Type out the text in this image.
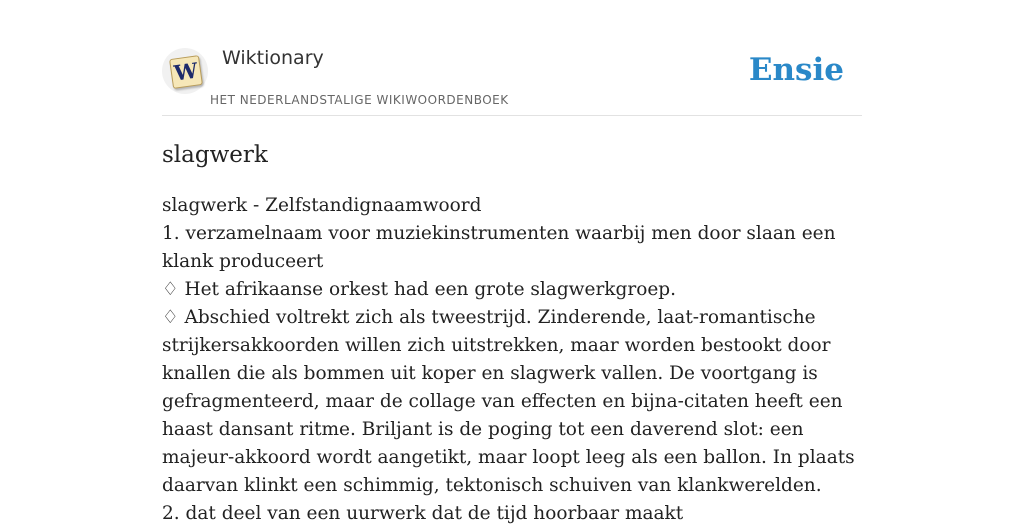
W Wiktionary
HET NEDERLANDSTALIGE WIKIWOORDENBOEK
Ensie
slagwerk
slagwerk - Zelfstandignaamwoord
1. verzamelnaam voor muziekinstrumenten waarbij men door slaan een klank produceert
♢ Het afrikaanse orkest had een grote slagwerkgroep.
♢ Abschied voltrekt zich als tweestrijd. Zinderende, laat-romantische strijkersakkoorden willen zich uitstrekken, maar worden bestookt door knallen die als bommen uit koper en slagwerk vallen. De voortgang is gefragmenteerd, maar de collage van effecten en bijna-citaten heeft een haast dansant ritme. Briljant is de poging tot een daverend slot: een majeur-akkoord wordt aangetikt, maar loopt leeg als een ballon. In plaats daarvan klinkt een schimmig, tektonisch schuiven van klankwerelden.
2. dat deel van een uurwerk dat de tijd hoorbaar maakt
